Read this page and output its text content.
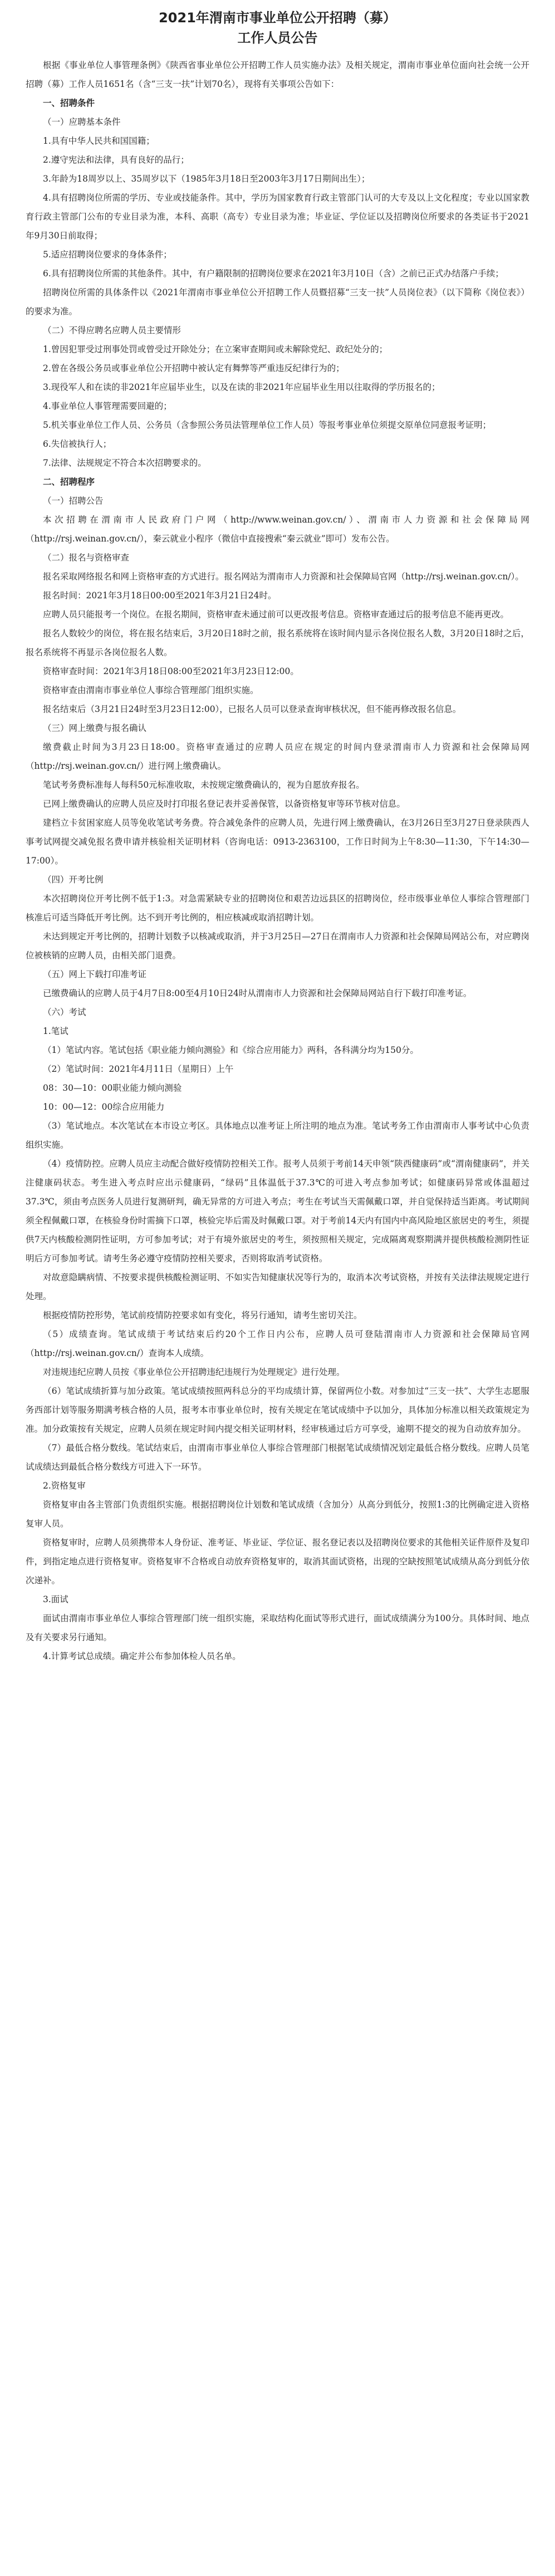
2021年渭南市事业单位公开招聘（募）
工作人员公告

根据《事业单位人事管理条例》《陕西省事业单位公开招聘工作人员实施办法》及相关规定，渭南市事业单位面向社会统一公开招聘（募）工作人员1651名（含“三支一扶”计划70名），现将有关事项公告如下：

一、招聘条件

（一）应聘基本条件

1.具有中华人民共和国国籍；

2.遵守宪法和法律，具有良好的品行；

3.年龄为18周岁以上、35周岁以下（1985年3月18日至2003年3月17日期间出生）；

4.具有招聘岗位所需的学历、专业或技能条件。其中，学历为国家教育行政主管部门认可的大专及以上文化程度；专业以国家教育行政主管部门公布的专业目录为准，本科、高职（高专）专业目录为准；毕业证、学位证以及招聘岗位所要求的各类证书于2021年9月30日前取得；

5.适应招聘岗位要求的身体条件；

6.具有招聘岗位所需的其他条件。其中，有户籍限制的招聘岗位要求在2021年3月10日（含）之前已正式办结落户手续；

招聘岗位所需的具体条件以《2021年渭南市事业单位公开招聘工作人员暨招募“三支一扶”人员岗位表》（以下简称《岗位表》）的要求为准。

（二）不得应聘名应聘人员主要情形

1.曾因犯罪受过刑事处罚或曾受过开除处分；在立案审查期间或未解除党纪、政纪处分的；

2.曾在各级公务员或事业单位公开招聘中被认定有舞弊等严重违反纪律行为的；

3.现役军人和在读的非2021年应届毕业生，以及在读的非2021年应届毕业生用以往取得的学历报名的；

4.事业单位人事管理需要回避的；

5.机关事业单位工作人员、公务员（含参照公务员法管理单位工作人员）等报考事业单位须提交原单位同意报考证明；

6.失信被执行人；

7.法律、法规规定不符合本次招聘要求的。

二、招聘程序

（一）招聘公告

本次招聘在渭南市人民政府门户网（http://www.weinan.gov.cn/）、渭南市人力资源和社会保障局网（http://rsj.weinan.gov.cn/），秦云就业小程序（微信中直接搜索“秦云就业”即可）发布公告。

（二）报名与资格审查

报名采取网络报名和网上资格审查的方式进行。报名网站为渭南市人力资源和社会保障局官网（http://rsj.weinan.gov.cn/）。

报名时间：2021年3月18日00:00至2021年3月21日24时。

应聘人员只能报考一个岗位。在报名期间，资格审查未通过前可以更改报考信息。资格审查通过后的报考信息不能再更改。

报名人数较少的岗位，将在报名结束后，3月20日18时之前，报名系统将在该时间内显示各岗位报名人数，3月20日18时之后，报名系统将不再显示各岗位报名人数。

资格审查时间：2021年3月18日08:00至2021年3月23日12:00。

资格审查由渭南市事业单位人事综合管理部门组织实施。

报名结束后（3月21日24时至3月23日12:00），已报名人员可以登录查询审核状况，但不能再修改报名信息。

（三）网上缴费与报名确认

缴费截止时间为3月23日18:00。资格审查通过的应聘人员应在规定的时间内登录渭南市人力资源和社会保障局网（http://rsj.weinan.gov.cn/）进行网上缴费确认。

笔试考务费标准每人每科50元标准收取，未按规定缴费确认的，视为自愿放弃报名。

已网上缴费确认的应聘人员应及时打印报名登记表并妥善保管，以备资格复审等环节核对信息。

建档立卡贫困家庭人员等免收笔试考务费。符合减免条件的应聘人员，先进行网上缴费确认，在3月26日至3月27日登录陕西人事考试网提交减免报名费申请并核验相关证明材料（咨询电话：0913-2363100，工作日时间为上午8:30—11:30，下午14:30—17:00）。

（四）开考比例

本次招聘岗位开考比例不低于1:3。对急需紧缺专业的招聘岗位和艰苦边远县区的招聘岗位，经市级事业单位人事综合管理部门核准后可适当降低开考比例。达不到开考比例的，相应核减或取消招聘计划。

未达到规定开考比例的，招聘计划数予以核减或取消，并于3月25日—27日在渭南市人力资源和社会保障局网站公布，对应聘岗位被核销的应聘人员，由相关部门退费。

（五）网上下载打印准考证

已缴费确认的应聘人员于4月7日8:00至4月10日24时从渭南市人力资源和社会保障局网站自行下载打印准考证。

（六）考试

1.笔试

（1）笔试内容。笔试包括《职业能力倾向测验》和《综合应用能力》两科，各科满分均为150分。

（2）笔试时间：2021年4月11日（星期日）上午

08：30—10：00职业能力倾向测验

10：00—12：00综合应用能力

（3）笔试地点。本次笔试在本市设立考区。具体地点以准考证上所注明的地点为准。笔试考务工作由渭南市人事考试中心负责组织实施。

（4）疫情防控。应聘人员应主动配合做好疫情防控相关工作。报考人员须于考前14天申领“陕西健康码”或“渭南健康码”，并关注健康码状态。考生进入考点时应出示健康码，“绿码”且体温低于37.3℃的可进入考点参加考试；如健康码异常或体温超过37.3℃，须由考点医务人员进行复测研判，确无异常的方可进入考点；考生在考试当天需佩戴口罩，并自觉保持适当距离。考试期间须全程佩戴口罩，在核验身份时需摘下口罩，核验完毕后需及时佩戴口罩。对于考前14天内有国内中高风险地区旅居史的考生，须提供7天内核酸检测阴性证明，方可参加考试；对于有境外旅居史的考生，须按照相关规定，完成隔离观察期满并提供核酸检测阴性证明后方可参加考试。请考生务必遵守疫情防控相关要求，否则将取消考试资格。

对故意隐瞒病情、不按要求提供核酸检测证明、不如实告知健康状况等行为的，取消本次考试资格，并按有关法律法规规定进行处理。

根据疫情防控形势，笔试前疫情防控要求如有变化，将另行通知，请考生密切关注。

（5）成绩查询。笔试成绩于考试结束后约20个工作日内公布，应聘人员可登陆渭南市人力资源和社会保障局官网（http://rsj.weinan.gov.cn/）查询本人成绩。

对违规违纪应聘人员按《事业单位公开招聘违纪违规行为处理规定》进行处理。

（6）笔试成绩折算与加分政策。笔试成绩按照两科总分的平均成绩计算，保留两位小数。对参加过“三支一扶”、大学生志愿服务西部计划等服务期满考核合格的人员，报考本市事业单位时，按有关规定在笔试成绩中予以加分，具体加分标准以相关政策规定为准。加分政策按有关规定，应聘人员须在规定时间内提交相关证明材料，经审核通过后方可享受，逾期不提交的视为自动放弃加分。

（7）最低合格分数线。笔试结束后，由渭南市事业单位人事综合管理部门根据笔试成绩情况划定最低合格分数线。应聘人员笔试成绩达到最低合格分数线方可进入下一环节。

2.资格复审

资格复审由各主管部门负责组织实施。根据招聘岗位计划数和笔试成绩（含加分）从高分到低分，按照1:3的比例确定进入资格复审人员。

资格复审时，应聘人员须携带本人身份证、准考证、毕业证、学位证、报名登记表以及招聘岗位要求的其他相关证件原件及复印件，到指定地点进行资格复审。资格复审不合格或自动放弃资格复审的，取消其面试资格，出现的空缺按照笔试成绩从高分到低分依次递补。

3.面试

面试由渭南市事业单位人事综合管理部门统一组织实施，采取结构化面试等形式进行，面试成绩满分为100分。具体时间、地点及有关要求另行通知。

4.计算考试总成绩。确定并公布参加体检人员名单。
